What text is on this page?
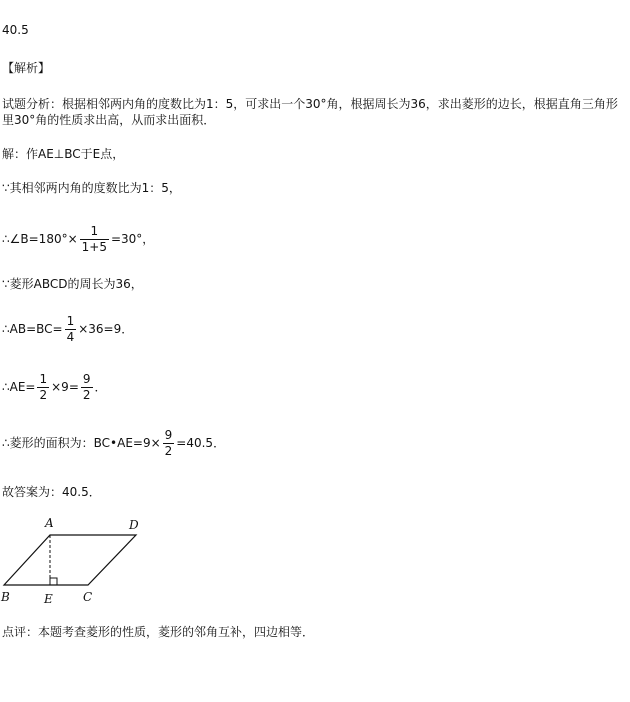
40.5
【解析】
试题分析：根据相邻两内角的度数比为1：5，可求出一个30°角，根据周长为36，求出菱形的边长，根据直角三角形里30°角的性质求出高，从而求出面积．
解：作AE⊥BC于E点，
∵其相邻两内角的度数比为1：5，
∴∠B=180°× $\frac{1}{1+5} =30^\circ$，
∵菱形ABCD的周长为36，
∴AB=BC= $\frac{1}{4} \times 36=9$．
∴AE= $\frac{1}{2} \times 9= \frac{9}{2}$ ．
∴菱形的面积为：BC•AE=9× $\frac{9}{2} =40.5$．
故答案为：40.5．
A	D
B	E	C
点评：本题考查菱形的性质，菱形的邻角互补，四边相等．
